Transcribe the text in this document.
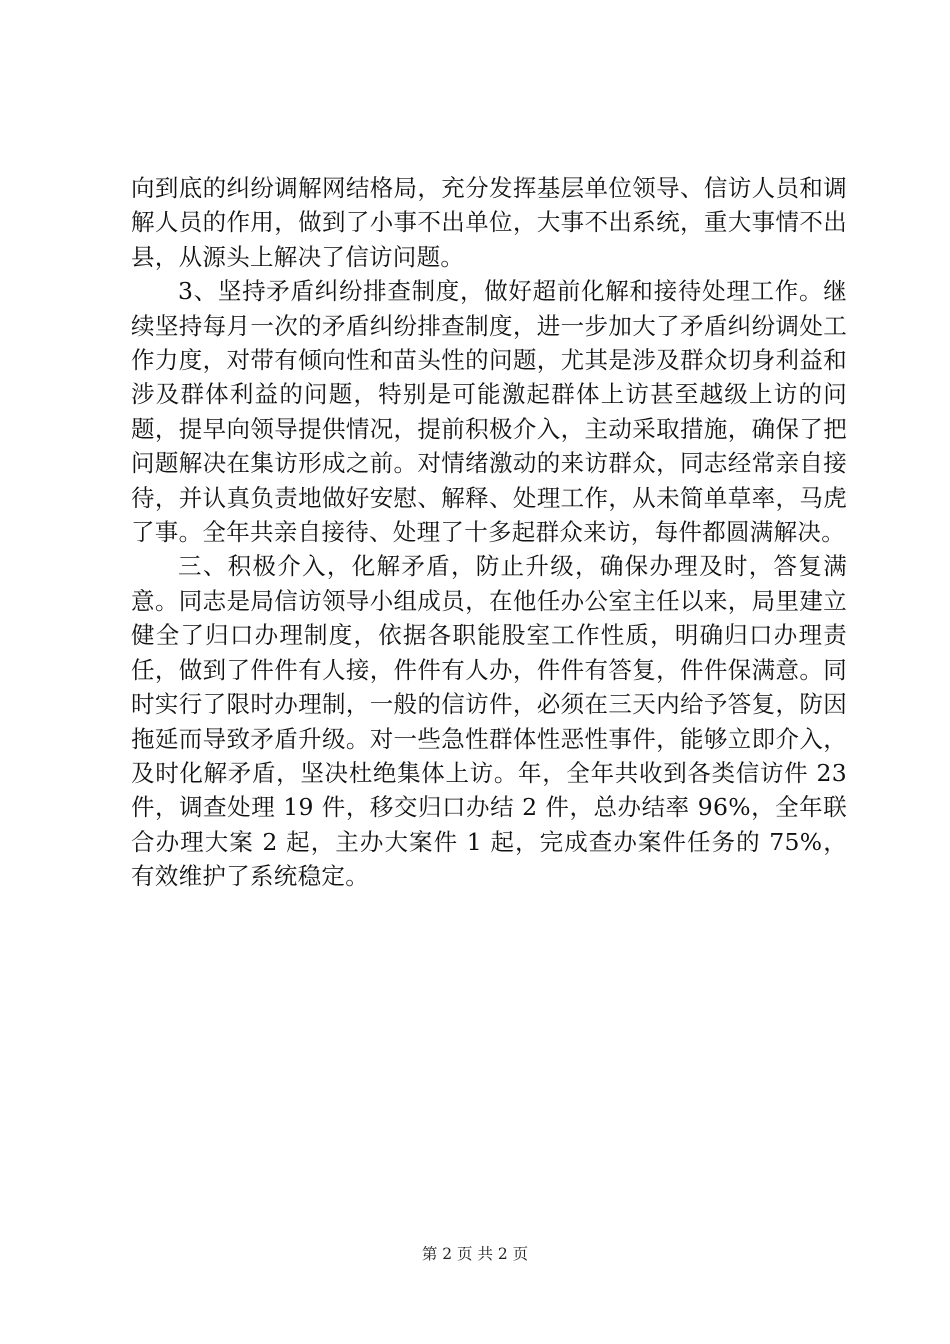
向到底的纠纷调解网结格局，充分发挥基层单位领导、信访人员和调解人员的作用，做到了小事不出单位，大事不出系统，重大事情不出县，从源头上解决了信访问题。

3、坚持矛盾纠纷排查制度，做好超前化解和接待处理工作。继续坚持每月一次的矛盾纠纷排查制度，进一步加大了矛盾纠纷调处工作力度，对带有倾向性和苗头性的问题，尤其是涉及群众切身利益和涉及群体利益的问题，特别是可能激起群体上访甚至越级上访的问题，提早向领导提供情况，提前积极介入，主动采取措施，确保了把问题解决在集访形成之前。对情绪激动的来访群众，同志经常亲自接待，并认真负责地做好安慰、解释、处理工作，从未简单草率，马虎了事。全年共亲自接待、处理了十多起群众来访，每件都圆满解决。

三、积极介入，化解矛盾，防止升级，确保办理及时，答复满意。同志是局信访领导小组成员，在他任办公室主任以来，局里建立健全了归口办理制度，依据各职能股室工作性质，明确归口办理责任，做到了件件有人接，件件有人办，件件有答复，件件保满意。同时实行了限时办理制，一般的信访件，必须在三天内给予答复，防因拖延而导致矛盾升级。对一些急性群体性恶性事件，能够立即介入，及时化解矛盾，坚决杜绝集体上访。年，全年共收到各类信访件 23 件，调查处理 19 件，移交归口办结 2 件，总办结率 96%，全年联合办理大案 2 起，主办大案件 1 起，完成查办案件任务的 75%，有效维护了系统稳定。

第 2 页 共 2 页
